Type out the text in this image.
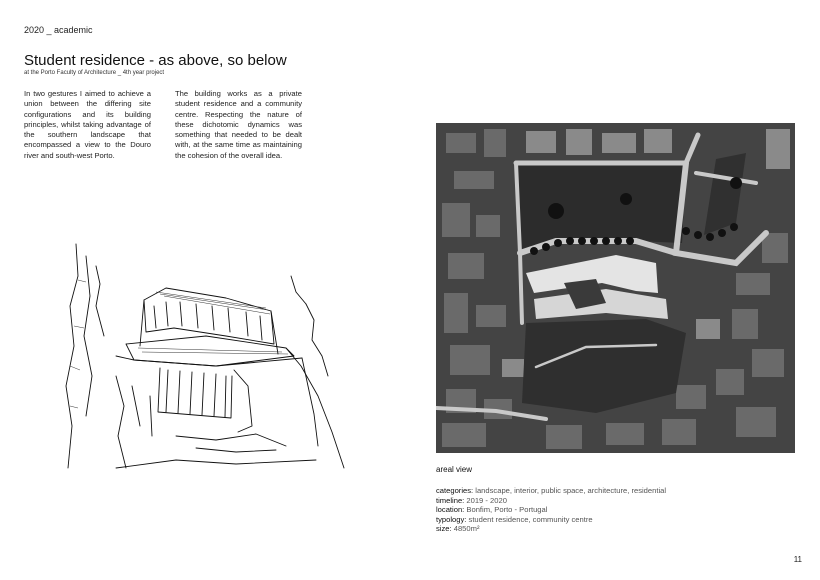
2020 _ academic
Student residence - as above, so below
at the Porto Faculty of Architecture _ 4th year project
In two gestures I aimed to achieve a union between the differing site configurations and its building principles, whilst taking advantage of the southern landscape that encompassed a view to the Douro river and south-west Porto.
The building works as a private student residence and a community centre. Respecting the nature of these dichotomic dynamics was something that needed to be dealt with, at the same time as maintaining the cohesion of the overall idea.
areal view
categories: landscape, interior, public space, architecture, residential
timeline: 2019 - 2020
location: Bonfim, Porto - Portugal
typology: student residence, community centre
size: 4850m²
11
